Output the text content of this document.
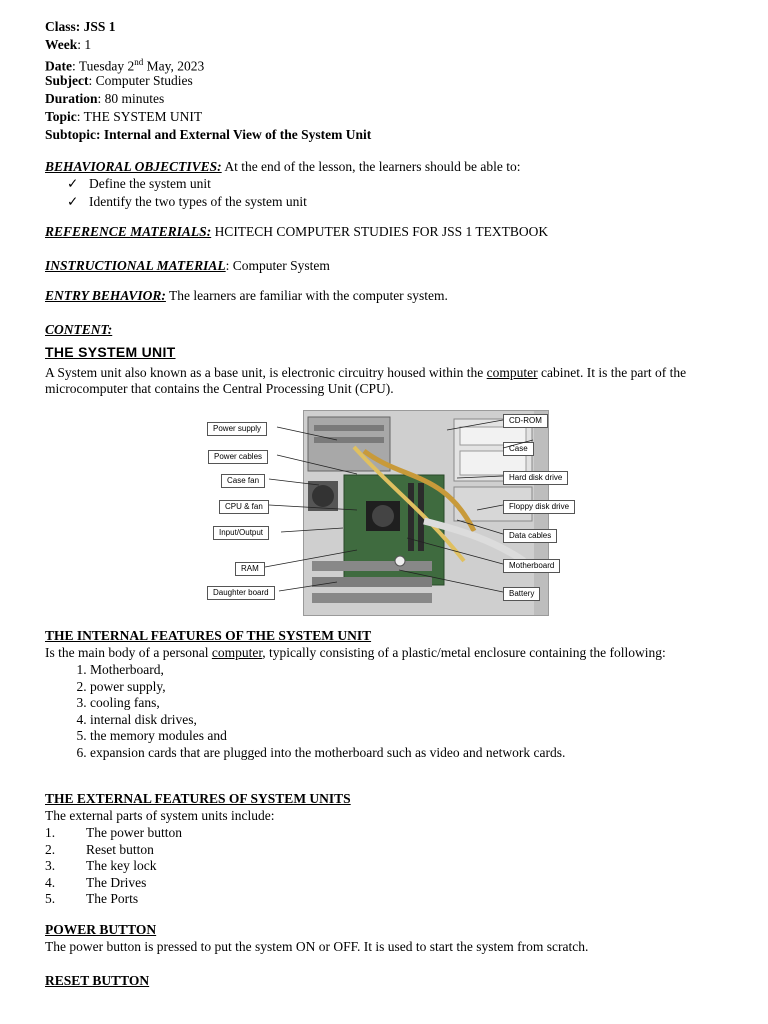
Class: JSS 1
Week: 1
Date: Tuesday 2nd May, 2023
Subject: Computer Studies
Duration: 80 minutes
Topic: THE SYSTEM UNIT
Subtopic: Internal and External View of the System Unit
BEHAVIORAL OBJECTIVES: At the end of the lesson, the learners should be able to:
✓ Define the system unit
✓ Identify the two types of the system unit
REFERENCE MATERIALS: HCITECH COMPUTER STUDIES FOR JSS 1 TEXTBOOK
INSTRUCTIONAL MATERIAL: Computer System
ENTRY BEHAVIOR: The learners are familiar with the computer system.
CONTENT:
THE SYSTEM UNIT
A System unit also known as a base unit, is electronic circuitry housed within the computer cabinet. It is the part of the microcomputer that contains the Central Processing Unit (CPU).
Power supply
Power cables
Case fan
CPU & fan
Input/Output
RAM
Daughter board
CD-ROM
Case
Hard disk drive
Floppy disk drive
Data cables
Motherboard
Battery
THE INTERNAL FEATURES OF THE SYSTEM UNIT
Is the main body of a personal computer, typically consisting of a plastic/metal enclosure containing the following:
1. Motherboard,
2. power supply,
3. cooling fans,
4. internal disk drives,
5. the memory modules and
6. expansion cards that are plugged into the motherboard such as video and network cards.
THE EXTERNAL FEATURES OF SYSTEM UNITS
The external parts of system units include:
1. The power button
2. Reset button
3. The key lock
4. The Drives
5. The Ports
POWER BUTTON
The power button is pressed to put the system ON or OFF. It is used to start the system from scratch.
RESET BUTTON
